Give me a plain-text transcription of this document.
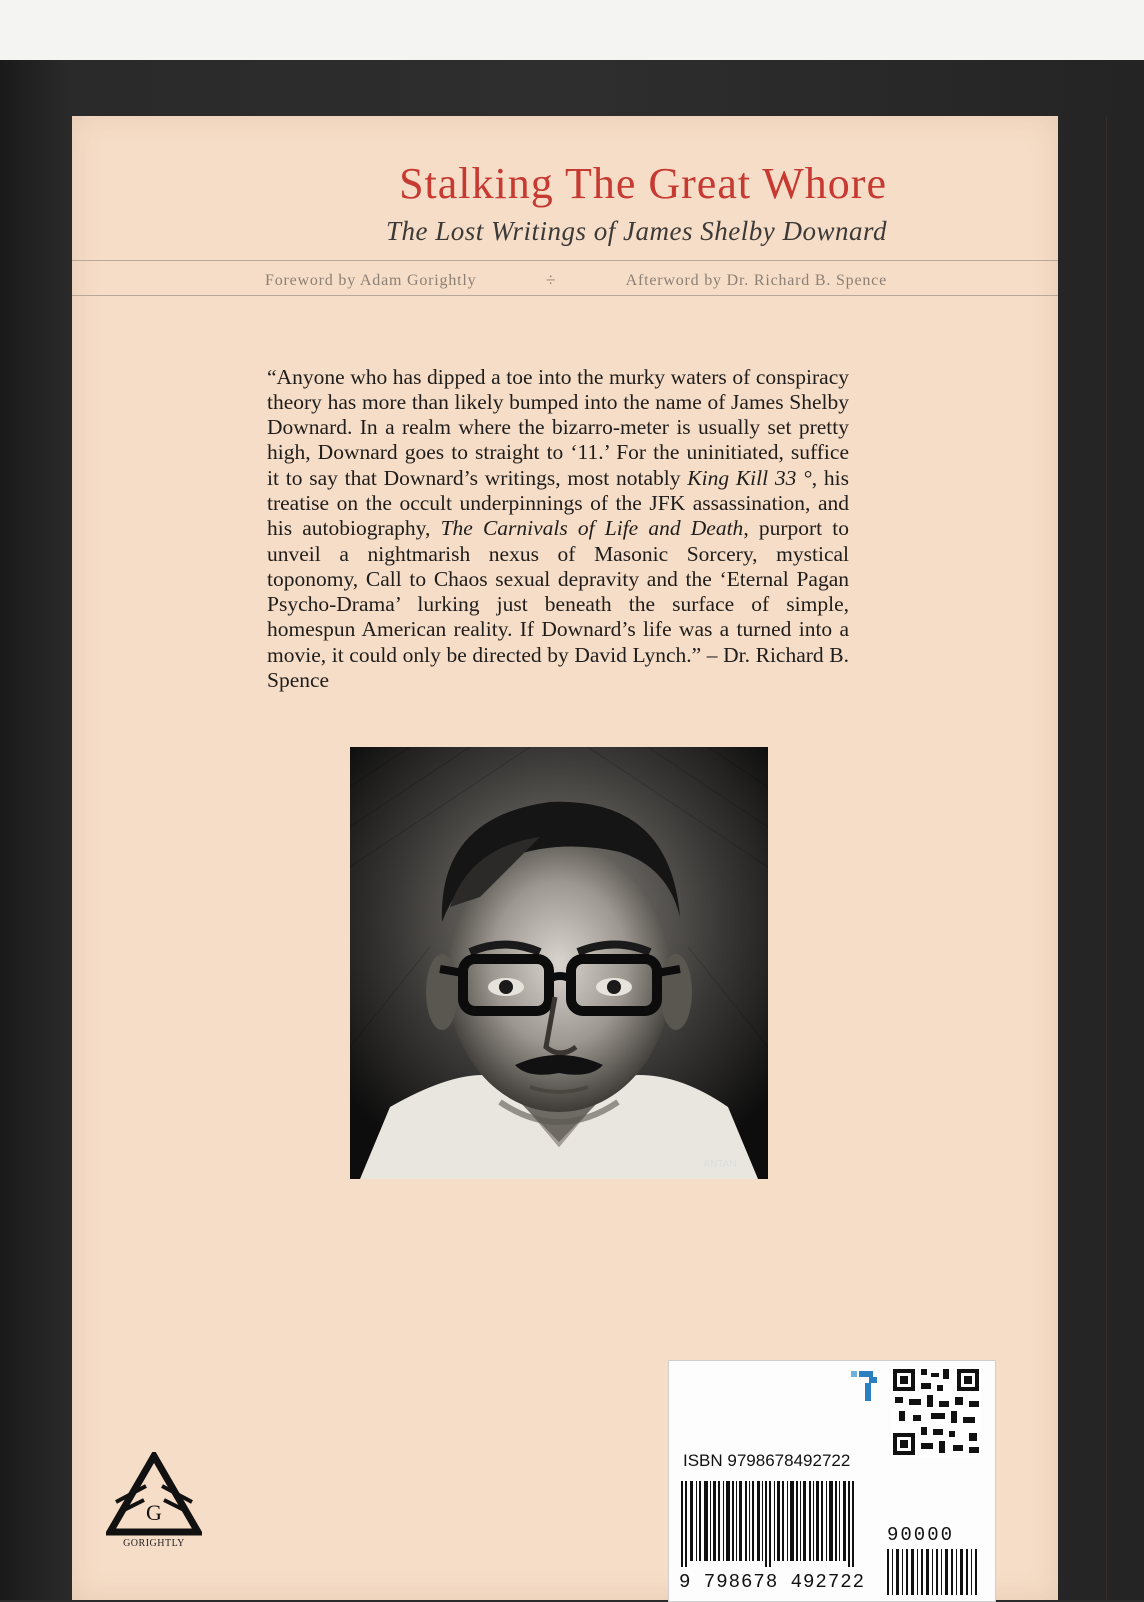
Stalking The Great Whore
The Lost Writings of James Shelby Downard
Foreword by Adam Gorightly	÷	Afterword by Dr. Richard B. Spence

“Anyone who has dipped a toe into the murky waters of conspiracy theory has more than likely bumped into the name of James Shelby Downard. In a realm where the bizarro-meter is usually set pretty high, Downard goes to straight to ‘11.’ For the uninitiated, suffice it to say that Downard’s writings, most notably King Kill 33 °, his treatise on the occult underpinnings of the JFK assassination, and his autobiography, The Carnivals of Life and Death, purport to unveil a nightmarish nexus of Masonic Sorcery, mystical toponomy, Call to Chaos sexual depravity and the ‘Eternal Pagan Psycho-Drama’ lurking just beneath the surface of simple, homespun American reality. If Downard’s life was a turned into a movie, it could only be directed by David Lynch.” – Dr. Richard B. Spence

ANTAN
ISBN 9798678492722
90000
9 798678 492722
G
GORIGHTLY
